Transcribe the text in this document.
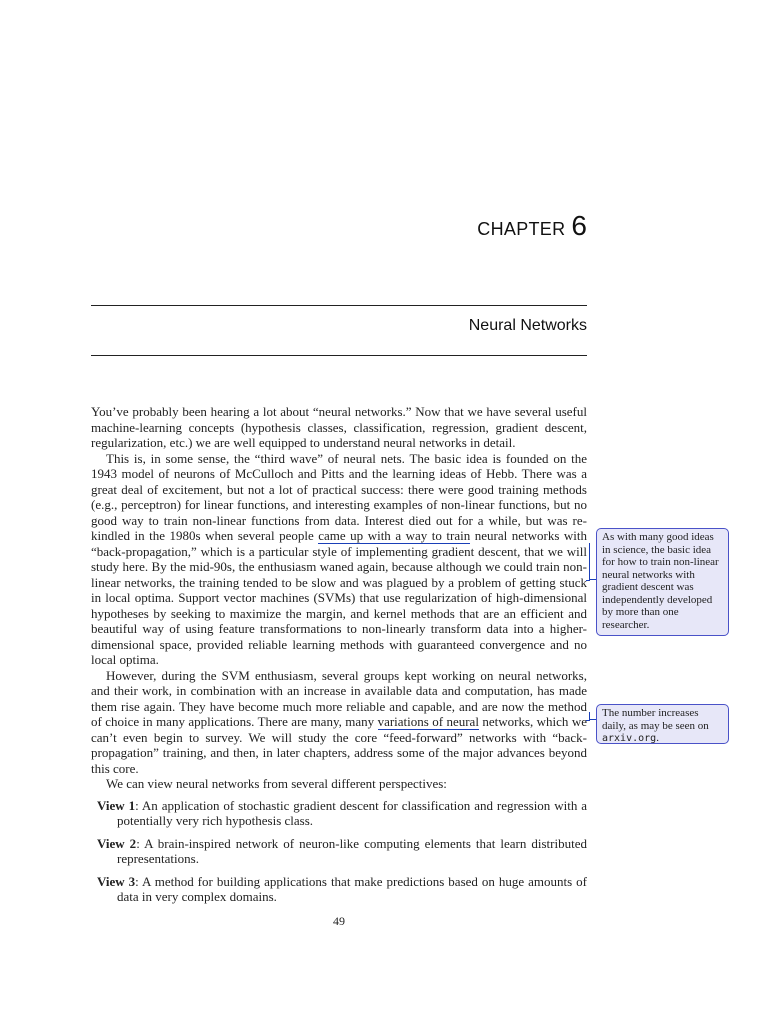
CHAPTER 6
Neural Networks

You’ve probably been hearing a lot about “neural networks.” Now that we have several useful machine-learning concepts (hypothesis classes, classification, regression, gradient descent, regularization, etc.) we are well equipped to understand neural networks in detail.

This is, in some sense, the “third wave” of neural nets. The basic idea is founded on the 1943 model of neurons of McCulloch and Pitts and the learning ideas of Hebb. There was a great deal of excitement, but not a lot of practical success: there were good training methods (e.g., perceptron) for linear functions, and interesting examples of non-linear functions, but no good way to train non-linear functions from data. Interest died out for a while, but was re-kindled in the 1980s when several people came up with a way to train neural networks with “back-propagation,” which is a particular style of implementing gradient descent, that we will study here. By the mid-90s, the enthusiasm waned again, because although we could train non-linear networks, the training tended to be slow and was plagued by a problem of getting stuck in local optima. Support vector machines (SVMs) that use regularization of high-dimensional hypotheses by seeking to maximize the margin, and kernel methods that are an efficient and beautiful way of using feature transformations to non-linearly transform data into a higher-dimensional space, provided reliable learning methods with guaranteed convergence and no local optima.

However, during the SVM enthusiasm, several groups kept working on neural networks, and their work, in combination with an increase in available data and computation, has made them rise again. They have become much more reliable and capable, and are now the method of choice in many applications. There are many, many variations of neural networks, which we can’t even begin to survey. We will study the core “feed-forward” networks with “back-propagation” training, and then, in later chapters, address some of the major advances beyond this core.

We can view neural networks from several different perspectives:

View 1: An application of stochastic gradient descent for classification and regression with a potentially very rich hypothesis class.
View 2: A brain-inspired network of neuron-like computing elements that learn distributed representations.
View 3: A method for building applications that make predictions based on huge amounts of data in very complex domains.
As with many good ideas in science, the basic idea for how to train non-linear neural networks with gradient descent was independently developed by more than one researcher.
The number increases daily, as may be seen on arxiv.org.
49
